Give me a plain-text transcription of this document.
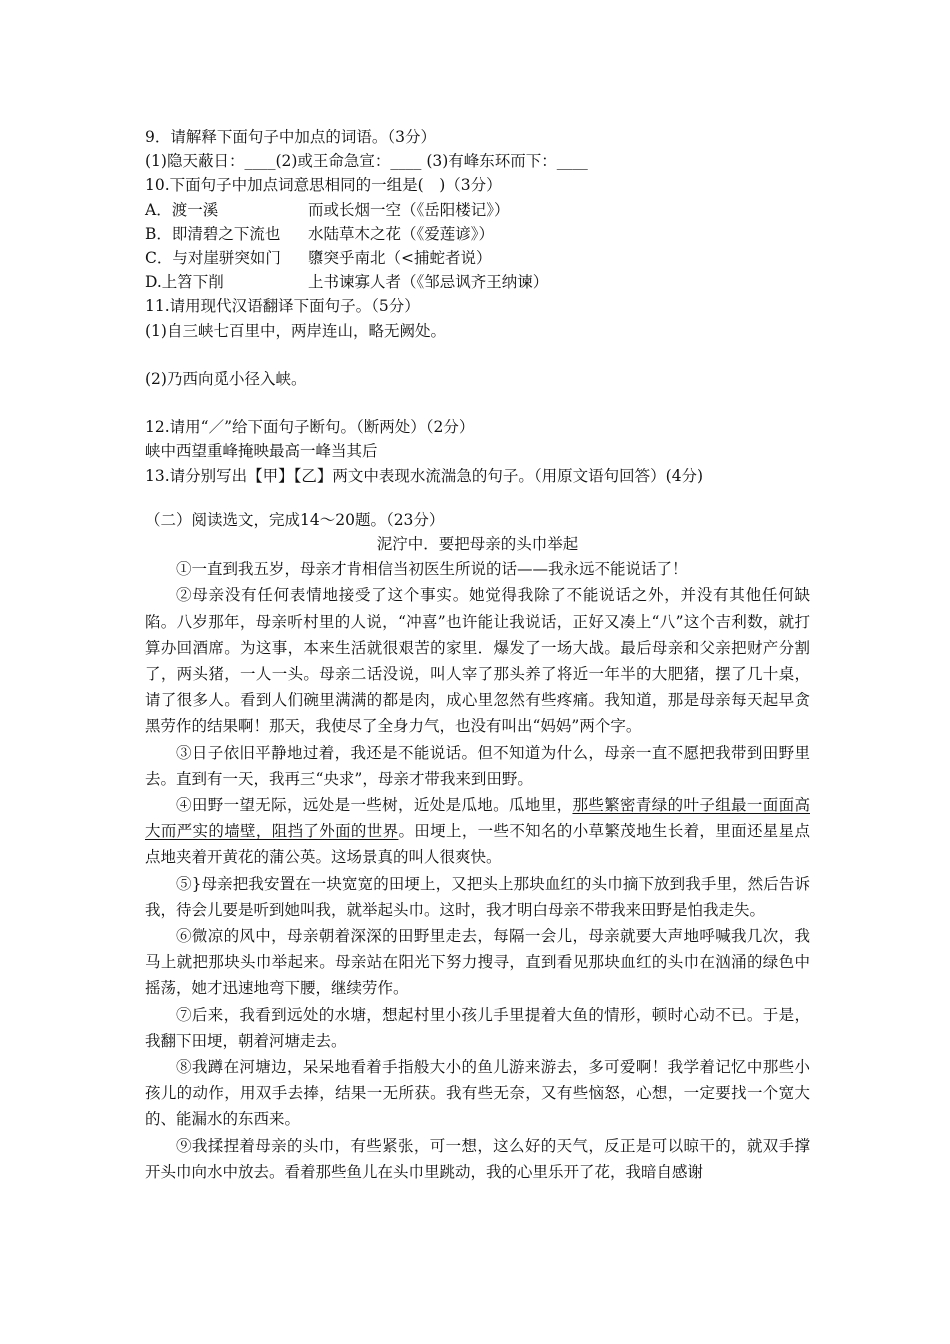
9．请解释下面句子中加点的词语。（3分）
(1)隐天蔽日：____(2)或王命急宣：____ (3)有峰东环而下：____
10.下面句子中加点词意思相同的一组是(　)（3分）
A．渡一溪	而或长烟一空（《岳阳楼记》）
B．即清碧之下流也	水陆草木之花（《爱莲谚》）
C．与对崖骈突如门	隳突乎南北（<捕蛇者说）
D.上笤下削	上书谏寡人者（《邹忌讽齐王纳谏）
11.请用现代汉语翻译下面句子。（5分）
(1)自三峡七百里中，两岸连山，略无阙处。
(2)乃西向觅小径入峡。
12.请用“／”给下面句子断句。（断两处）（2分）
峡中西望重峰掩映最高一峰当其后
13.请分别写出【甲】【乙】两文中表现水流湍急的句子。（用原文语句回答）(4分)
（二）阅读选文，完成14～20题。（23分）
泥泞中．要把母亲的头巾举起
①一直到我五岁，母亲才肯相信当初医生所说的话——我永远不能说话了！
②母亲没有任何表情地接受了这个事实。她觉得我除了不能说话之外，并没有其他任何缺陷。八岁那年，母亲听村里的人说，“冲喜”也许能让我说话，正好又凑上“八”这个吉利数，就打算办回酒席。为这事，本来生活就很艰苦的家里．爆发了一场大战。最后母亲和父亲把财产分割了，两头猪，一人一头。母亲二话没说，叫人宰了那头养了将近一年半的大肥猪，摆了几十桌，请了很多人。看到人们碗里满满的都是肉，成心里忽然有些疼痛。我知道，那是母亲每天起早贪黑劳作的结果啊！那天，我使尽了全身力气，也没有叫出“妈妈”两个字。
③日子依旧平静地过着，我还是不能说话。但不知道为什么，母亲一直不愿把我带到田野里去。直到有一天，我再三“央求”，母亲才带我来到田野。
④田野一望无际，远处是一些树，近处是瓜地。瓜地里，那些繁密青绿的叶子组最一面面高大而严实的墙壁，阻挡了外面的世界。田埂上，一些不知名的小草繁茂地生长着，里面还星星点点地夹着开黄花的蒲公英。这场景真的叫人很爽快。
⑤}母亲把我安置在一块宽宽的田埂上，又把头上那块血红的头巾摘下放到我手里，然后告诉我，待会儿要是听到她叫我，就举起头巾。这时，我才明白母亲不带我来田野是怕我走失。
⑥微凉的风中，母亲朝着深深的田野里走去，每隔一会儿，母亲就要大声地呼喊我几次，我马上就把那块头巾举起来。母亲站在阳光下努力搜寻，直到看见那块血红的头巾在汹涌的绿色中摇荡，她才迅速地弯下腰，继续劳作。
⑦后来，我看到远处的水塘，想起村里小孩儿手里提着大鱼的情形，顿时心动不已。于是，我翻下田埂，朝着河塘走去。
⑧我蹲在河塘边，呆呆地看着手指般大小的鱼儿游来游去，多可爱啊！我学着记忆中那些小孩儿的动作，用双手去捧，结果一无所获。我有些无奈，又有些恼怒，心想，一定要找一个宽大的、能漏水的东西来。
⑨我揉捏着母亲的头巾，有些紧张，可一想，这么好的天气，反正是可以晾干的，就双手撑开头巾向水中放去。看着那些鱼儿在头巾里跳动，我的心里乐开了花，我暗自感谢
